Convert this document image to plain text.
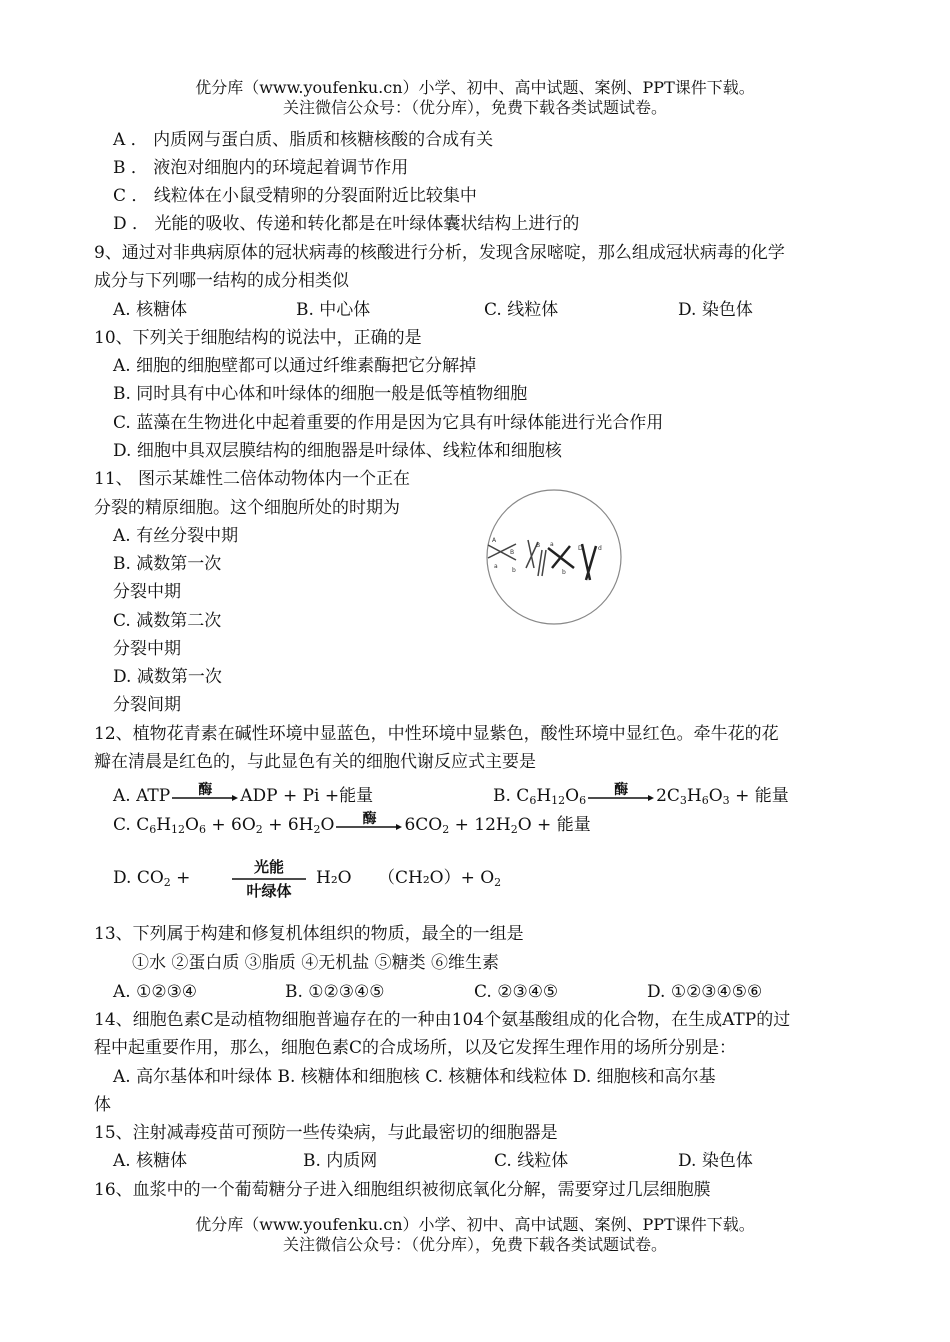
优分库（www.youfenku.cn）小学、初中、高中试题、案例、PPT课件下载。
关注微信公众号：（优分库），免费下载各类试题试卷。
A ． 内质网与蛋白质、脂质和核糖核酸的合成有关
B ． 液泡对细胞内的环境起着调节作用
C ． 线粒体在小鼠受精卵的分裂面附近比较集中
D ． 光能的吸收、传递和转化都是在叶绿体囊状结构上进行的
9、通过对非典病原体的冠状病毒的核酸进行分析，发现含尿嘧啶，那么组成冠状病毒的化学
成分与下列哪一结构的成分相类似
A. 核糖体	B. 中心体	C. 线粒体	D. 染色体
10、下列关于细胞结构的说法中，正确的是
A. 细胞的细胞壁都可以通过纤维素酶把它分解掉
B. 同时具有中心体和叶绿体的细胞一般是低等植物细胞
C. 蓝藻在生物进化中起着重要的作用是因为它具有叶绿体能进行光合作用
D. 细胞中具双层膜结构的细胞器是叶绿体、线粒体和细胞核
11、 图示某雄性二倍体动物体内一个正在
分裂的精原细胞。这个细胞所处的时期为
A. 有丝分裂中期
B. 减数第一次
分裂中期
C. 减数第二次
分裂中期
D. 减数第一次
分裂间期
A
B
a
b
B a
b
d
D
12、植物花青素在碱性环境中显蓝色，中性环境中显紫色，酸性环境中显红色。牵牛花的花
瓣在清晨是红色的，与此显色有关的细胞代谢反应式主要是
A. ATP	酶	ADP + Pi +能量	B. $C_6H_{12}O_6$
酶	$2C_3H_6O_3$ + 能量
C. $C_6H_{12}O_6 + 6O_2 + 6H_2O$	酶	$6CO_2 + 12H_2O$ + 能量
D. $CO_2$ +
光能
叶绿体
H₂O $(CH_2O)+ O_2$
13、下列属于构建和修复机体组织的物质，最全的一组是
①水 ②蛋白质 ③脂质 ④无机盐 ⑤糖类 ⑥维生素
A. ①②③④	B. ①②③④⑤	C. ②③④⑤	D. ①②③④⑤⑥
14、细胞色素C是动植物细胞普遍存在的一种由104个氨基酸组成的化合物，在生成ATP的过
程中起重要作用，那么，细胞色素C的合成场所，以及它发挥生理作用的场所分别是：
A. 高尔基体和叶绿体 B. 核糖体和细胞核 C. 核糖体和线粒体 D. 细胞核和高尔基
体
15、注射减毒疫苗可预防一些传染病，与此最密切的细胞器是
A. 核糖体	B. 内质网	C. 线粒体	D. 染色体
16、血浆中的一个葡萄糖分子进入细胞组织被彻底氧化分解，需要穿过几层细胞膜
优分库（www.youfenku.cn）小学、初中、高中试题、案例、PPT课件下载。
关注微信公众号：（优分库），免费下载各类试题试卷。
